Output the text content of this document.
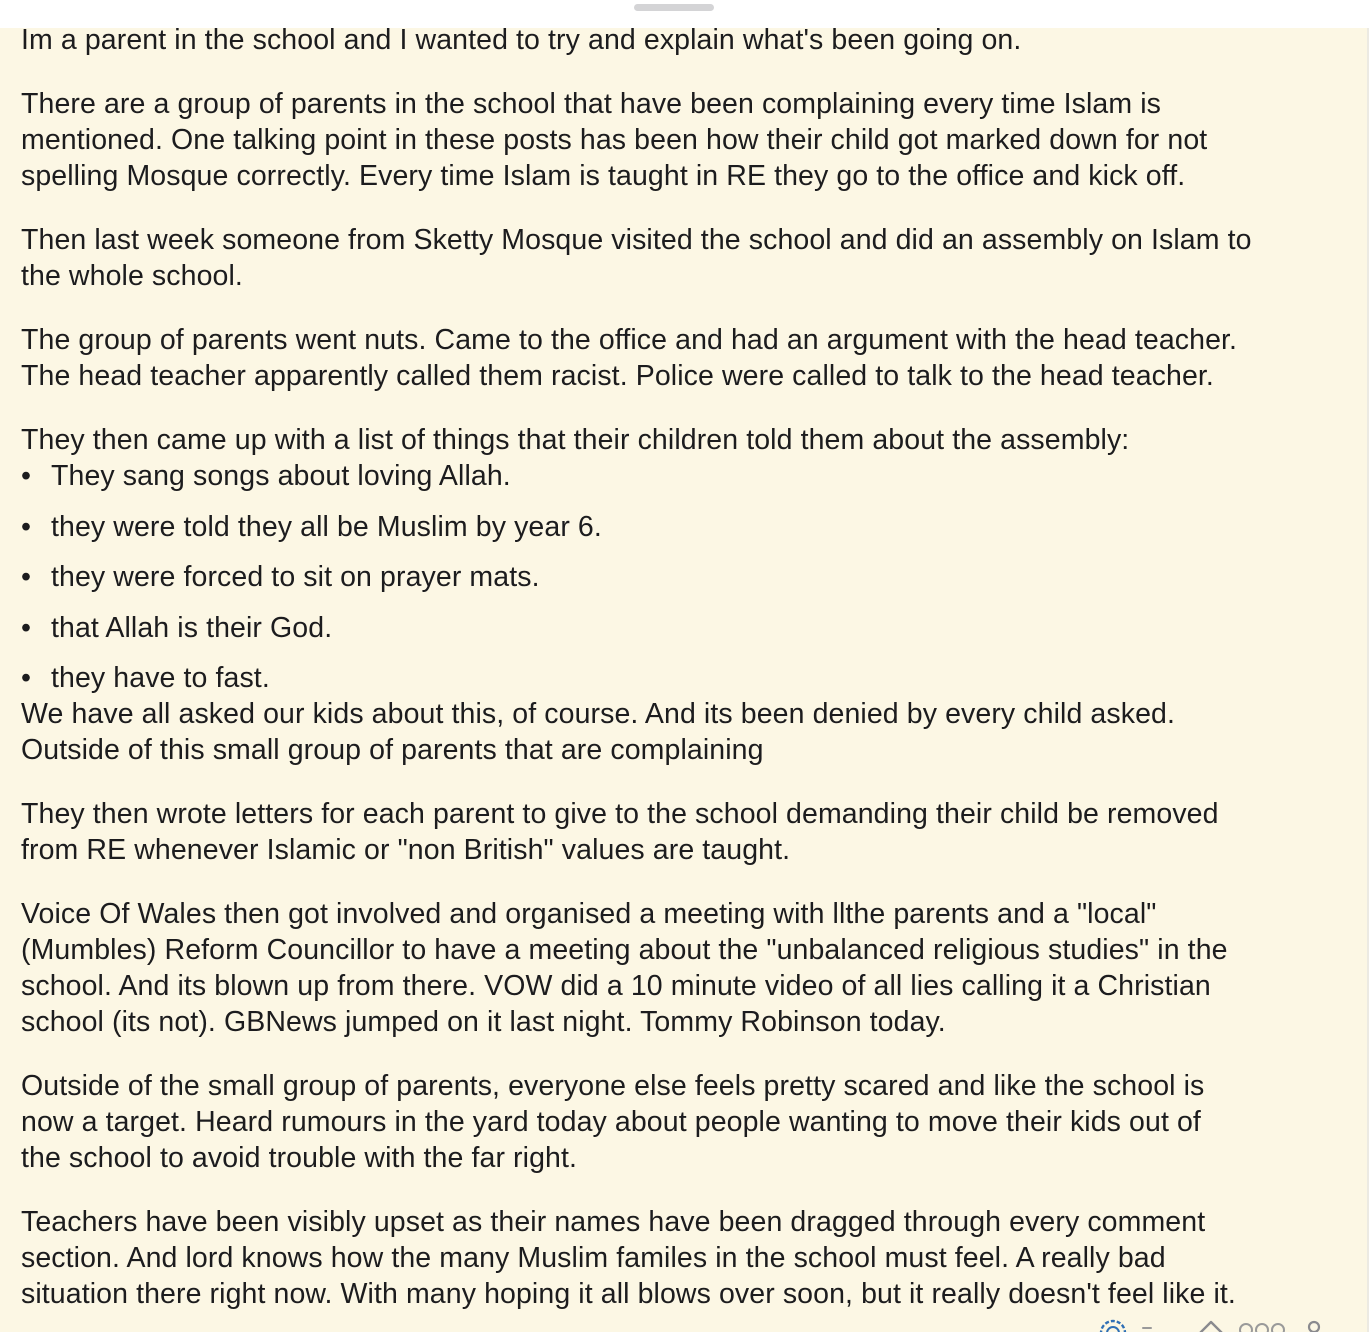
Im a parent in the school and I wanted to try and explain what's been going on.

There are a group of parents in the school that have been complaining every time Islam is
mentioned. One talking point in these posts has been how their child got marked down for not
spelling Mosque correctly. Every time Islam is taught in RE they go to the office and kick off.

Then last week someone from Sketty Mosque visited the school and did an assembly on Islam to
the whole school.

The group of parents went nuts. Came to the office and had an argument with the head teacher.
The head teacher apparently called them racist. Police were called to talk to the head teacher.

They then came up with a list of things that their children told them about the assembly:

• They sang songs about loving Allah.
• they were told they all be Muslim by year 6.
• they were forced to sit on prayer mats.
• that Allah is their God.
• they have to fast.

We have all asked our kids about this, of course. And its been denied by every child asked.
Outside of this small group of parents that are complaining

They then wrote letters for each parent to give to the school demanding their child be removed
from RE whenever Islamic or "non British" values are taught.

Voice Of Wales then got involved and organised a meeting with llthe parents and a "local"
(Mumbles) Reform Councillor to have a meeting about the "unbalanced religious studies" in the
school. And its blown up from there. VOW did a 10 minute video of all lies calling it a Christian
school (its not). GBNews jumped on it last night. Tommy Robinson today.

Outside of the small group of parents, everyone else feels pretty scared and like the school is
now a target. Heard rumours in the yard today about people wanting to move their kids out of
the school to avoid trouble with the far right.

Teachers have been visibly upset as their names have been dragged through every comment
section. And lord knows how the many Muslim familes in the school must feel. A really bad
situation there right now. With many hoping it all blows over soon, but it really doesn't feel like it.
